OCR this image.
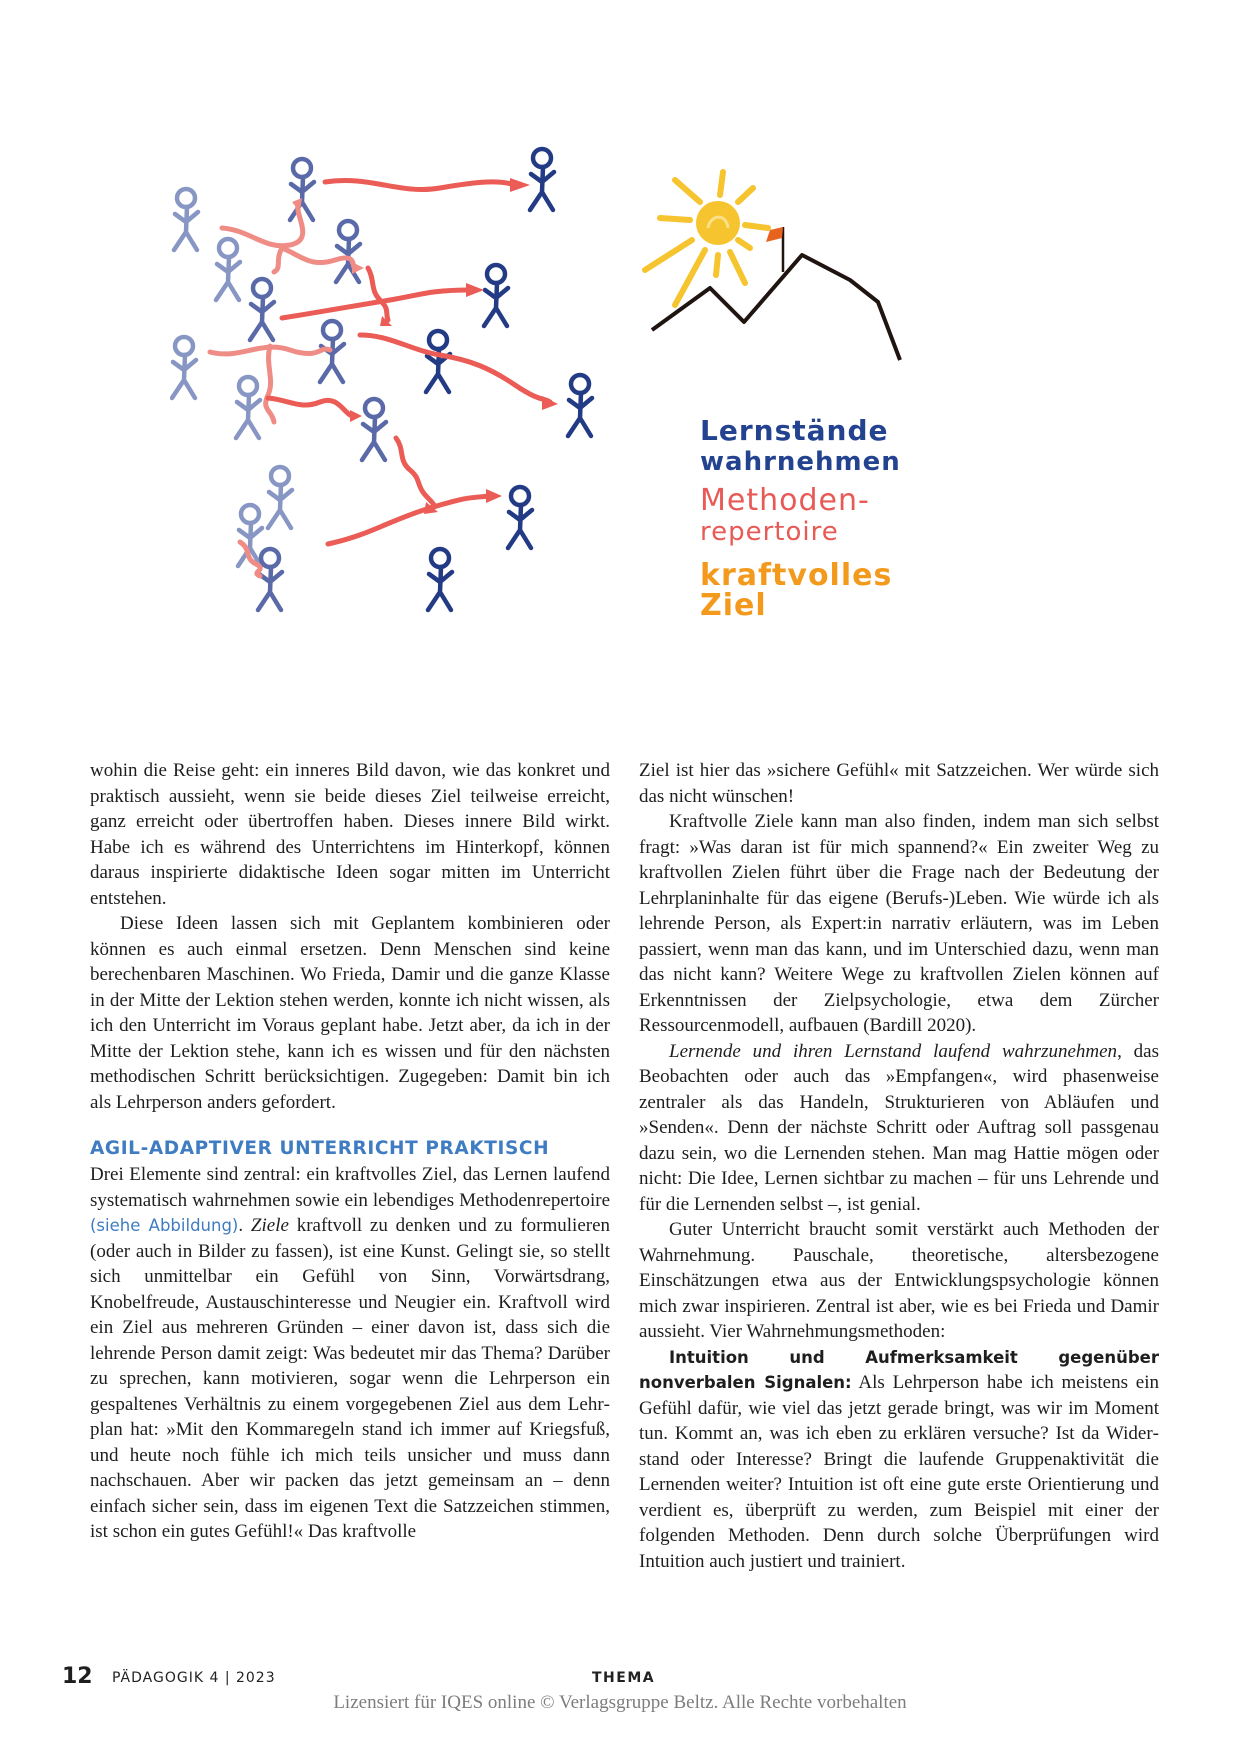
Lernstände
wahrnehmen
Methoden-
repertoire
kraftvolles
Ziel

wohin die Reise geht: ein inneres Bild davon, wie das konkret und praktisch aussieht, wenn sie beide dieses Ziel teilweise erreicht, ganz erreicht oder übertroffen haben. Dieses innere Bild wirkt. Habe ich es während des Unterrichtens im Hinterkopf, können daraus inspirierte didaktische Ideen sogar mitten im Unterricht entstehen.

Diese Ideen lassen sich mit Geplantem kombinieren oder können es auch einmal ersetzen. Denn Menschen sind keine berechenbaren Maschinen. Wo Frieda, Damir und die ganze Klasse in der Mitte der Lektion stehen werden, konnte ich nicht wissen, als ich den Unterricht im Voraus geplant habe. Jetzt aber, da ich in der Mitte der Lektion stehe, kann ich es wissen und für den nächsten methodischen Schritt berücksichtigen. Zugegeben: Damit bin ich als Lehrperson anders gefordert.

AGIL-ADAPTIVER UNTERRICHT PRAKTISCH

Drei Elemente sind zentral: ein kraftvolles Ziel, das Lernen laufend systematisch wahrnehmen sowie ein lebendiges Methodenrepertoire (siehe Abbildung). Ziele kraftvoll zu denken und zu formulieren (oder auch in Bilder zu fassen), ist eine Kunst. Gelingt sie, so stellt sich unmittelbar ein Gefühl von Sinn, Vorwärtsdrang, Knobelfreude, Austauschinteresse und Neugier ein. Kraftvoll wird ein Ziel aus mehreren Gründen – einer davon ist, dass sich die lehrende Person damit zeigt: Was bedeutet mir das Thema? Darüber zu sprechen, kann motivieren, sogar wenn die Lehrperson ein gespaltenes Verhältnis zu einem vorgegebenen Ziel aus dem Lehrplan hat: »Mit den Kommaregeln stand ich immer auf Kriegsfuß, und heute noch fühle ich mich teils unsicher und muss dann nachschauen. Aber wir packen das jetzt gemeinsam an – denn einfach sicher sein, dass im eigenen Text die Satzzeichen stimmen, ist schon ein gutes Gefühl!« Das kraftvolle

Ziel ist hier das »sichere Gefühl« mit Satzzeichen. Wer würde sich das nicht wünschen!

Kraftvolle Ziele kann man also finden, indem man sich selbst fragt: »Was daran ist für mich spannend?« Ein zweiter Weg zu kraftvollen Zielen führt über die Frage nach der Bedeutung der Lehrplaninhalte für das eigene (Berufs-)Leben. Wie würde ich als lehrende Person, als Expert:in narrativ erläutern, was im Leben passiert, wenn man das kann, und im Unterschied dazu, wenn man das nicht kann? Weitere Wege zu kraftvollen Zielen können auf Erkenntnissen der Zielpsychologie, etwa dem Zürcher Ressourcenmodell, aufbauen (Bardill 2020).

Lernende und ihren Lernstand laufend wahrzunehmen, das Beobachten oder auch das »Empfangen«, wird phasenweise zentraler als das Handeln, Strukturieren von Abläufen und »Senden«. Denn der nächste Schritt oder Auftrag soll passgenau dazu sein, wo die Lernenden stehen. Man mag Hattie mögen oder nicht: Die Idee, Lernen sichtbar zu machen – für uns Lehrende und für die Lernenden selbst –, ist genial.

Guter Unterricht braucht somit verstärkt auch Methoden der Wahrnehmung. Pauschale, theoretische, altersbezogene Einschätzungen etwa aus der Entwicklungspsychologie können mich zwar inspirieren. Zentral ist aber, wie es bei Frieda und Damir aussieht. Vier Wahrnehmungsmethoden:

Intuition und Aufmerksamkeit gegenüber nonverbalen Signalen: Als Lehrperson habe ich meistens ein Gefühl dafür, wie viel das jetzt gerade bringt, was wir im Moment tun. Kommt an, was ich eben zu erklären versuche? Ist da Widerstand oder Interesse? Bringt die laufende Gruppenaktivität die Lernenden weiter? Intuition ist oft eine gute erste Orientierung und verdient es, überprüft zu werden, zum Beispiel mit einer der folgenden Methoden. Denn durch solche Überprüfungen wird Intuition auch justiert und trainiert.

12 PÄDAGOGIK 4 | 2023	THEMA
Lizensiert für IQES online © Verlagsgruppe Beltz. Alle Rechte vorbehalten
